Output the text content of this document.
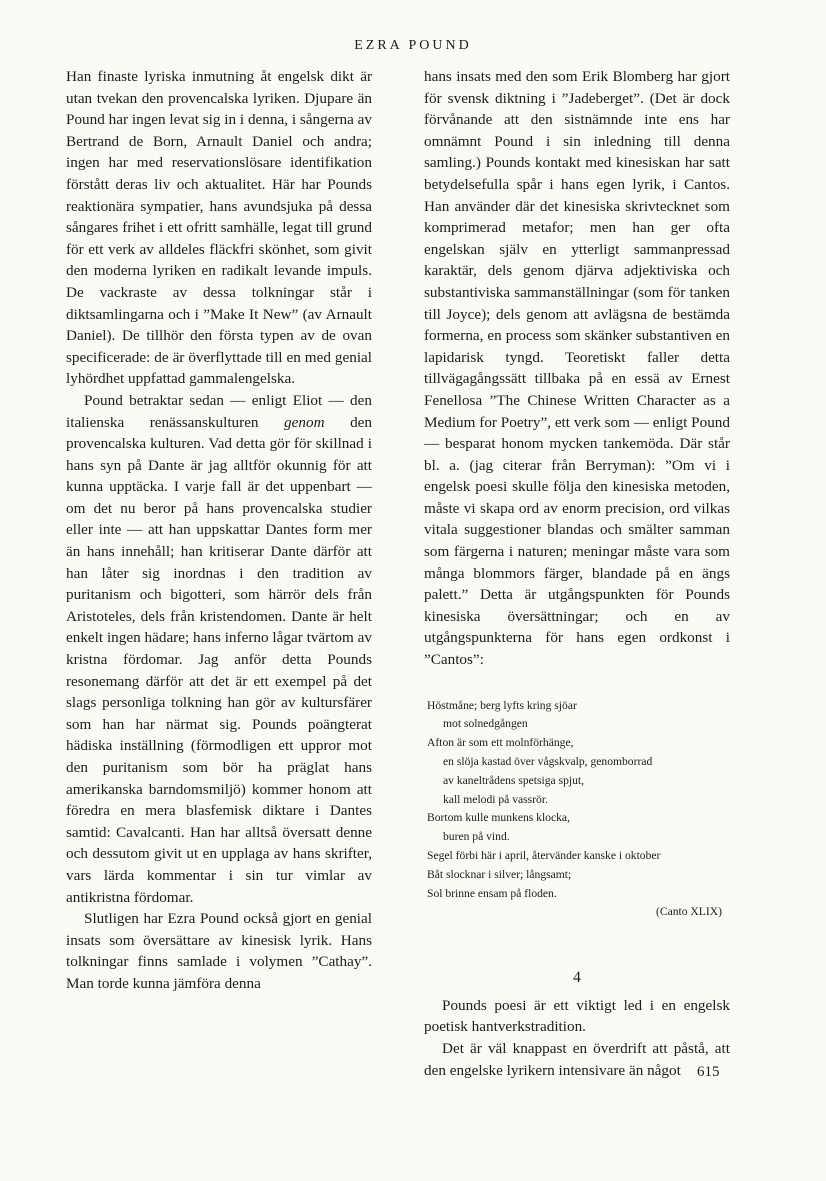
EZRA POUND

Han finaste lyriska inmutning åt engelsk dikt är utan tvekan den provencalska lyriken. Djupare än Pound har ingen levat sig in i denna, i sångerna av Bertrand de Born, Arnault Daniel och andra; ingen har med reservationslösare identifikation förstått deras liv och aktualitet. Här har Pounds reaktionära sympatier, hans avundsjuka på dessa sångares frihet i ett ofritt samhälle, legat till grund för ett verk av alldeles fläckfri skönhet, som givit den moderna lyriken en radikalt levande impuls. De vackraste av dessa tolkningar står i diktsamlingarna och i ”Make It New” (av Arnault Daniel). De tillhör den första typen av de ovan specificerade: de är överflyttade till en med genial lyhördhet uppfattad gammalengelska.

Pound betraktar sedan — enligt Eliot — den italienska renässanskulturen genom den provencalska kulturen. Vad detta gör för skillnad i hans syn på Dante är jag alltför okunnig för att kunna upptäcka. I varje fall är det uppenbart — om det nu beror på hans provencalska studier eller inte — att han uppskattar Dantes form mer än hans innehåll; han kritiserar Dante därför att han låter sig inordnas i den tradition av puritanism och bigotteri, som härrör dels från Aristoteles, dels från kristendomen. Dante är helt enkelt ingen hädare; hans inferno lågar tvärtom av kristna fördomar. Jag anför detta Pounds resonemang därför att det är ett exempel på det slags personliga tolkning han gör av kultursfärer som han har närmat sig. Pounds poängterat hädiska inställning (förmodligen ett uppror mot den puritanism som bör ha präglat hans amerikanska barndomsmiljö) kommer honom att föredra en mera blasfemisk diktare i Dantes samtid: Cavalcanti. Han har alltså översatt denne och dessutom givit ut en upplaga av hans skrifter, vars lärda kommentar i sin tur vimlar av antikristna fördomar.

Slutligen har Ezra Pound också gjort en genial insats som översättare av kinesisk lyrik. Hans tolkningar finns samlade i volymen ”Cathay”. Man torde kunna jämföra denna

hans insats med den som Erik Blomberg har gjort för svensk diktning i ”Jadeberget”. (Det är dock förvånande att den sistnämnde inte ens har omnämnt Pound i sin inledning till denna samling.) Pounds kontakt med kinesiskan har satt betydelsefulla spår i hans egen lyrik, i Cantos. Han använder där det kinesiska skrivtecknet som komprimerad metafor; men han ger ofta engelskan själv en ytterligt sammanpressad karaktär, dels genom djärva adjektiviska och substantiviska sammanställningar (som för tanken till Joyce); dels genom att avlägsna de bestämda formerna, en process som skänker substantiven en lapidarisk tyngd. Teoretiskt faller detta tillvägagångssätt tillbaka på en essä av Ernest Fenellosa ”The Chinese Written Character as a Medium for Poetry”, ett verk som — enligt Pound — besparat honom mycken tankemöda. Där står bl. a. (jag citerar från Berryman): ”Om vi i engelsk poesi skulle följa den kinesiska metoden, måste vi skapa ord av enorm precision, ord vilkas vitala suggestioner blandas och smälter samman som färgerna i naturen; meningar måste vara som många blommors färger, blandade på en ängs palett.” Detta är utgångspunkten för Pounds kinesiska översättningar; och en av utgångspunkterna för hans egen ordkonst i ”Cantos”:

Höstmåne; berg lyfts kring sjöar
mot solnedgången
Afton är som ett molnförhänge,
en slöja kastad över vågskvalp, genomborrad
av kaneltrådens spetsiga spjut,
kall melodi på vassrör.
Bortom kulle munkens klocka,
buren på vind.
Segel förbi här i april, återvänder kanske i oktober
Båt slocknar i silver; långsamt;
Sol brinne ensam på floden.
(Canto XLIX)
4

Pounds poesi är ett viktigt led i en engelsk poetisk hantverkstradition.

Det är väl knappast en överdrift att påstå, att den engelske lyrikern intensivare än något	615
